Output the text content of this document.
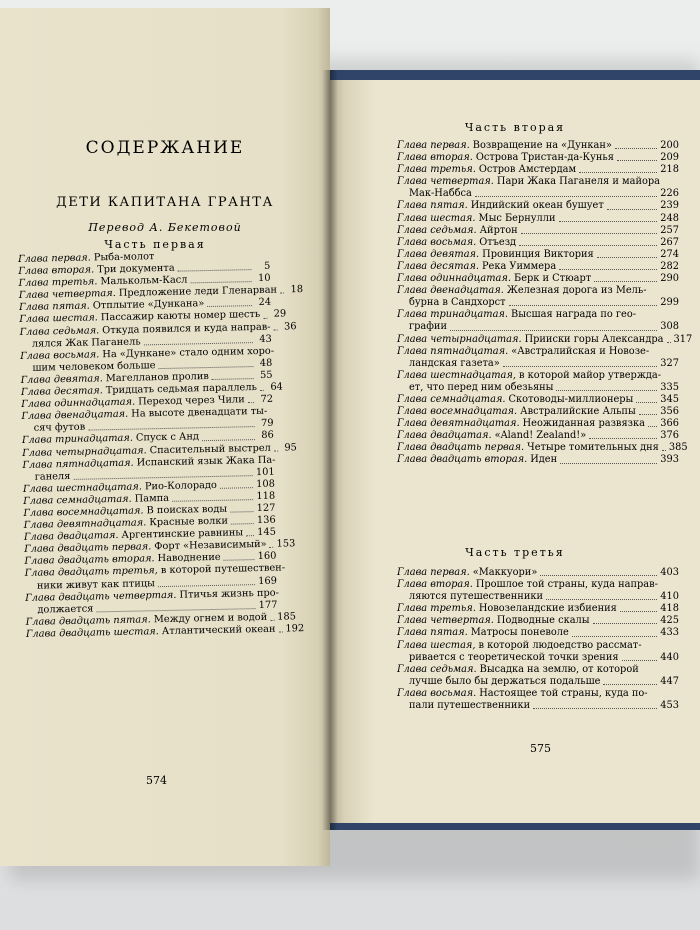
СОДЕРЖАНИЕ
ДЕТИ КАПИТАНА ГРАНТА
Перевод А. Бекетовой
Часть первая
Глава первая. Рыба-молот
Глава вторая. Три документа	5
Глава третья. Малькольм-Касл	10
Глава четвертая. Предложение леди Гленарван	18
Глава пятая. Отплытие «Дункана»	24
Глава шестая. Пассажир каюты номер шесть	29
Глава седьмая. Откуда появился и куда направ-	36
лялся Жак Паганель	43
Глава восьмая. На «Дункане» стало одним хоро-
шим человеком больше	48
Глава девятая. Магелланов пролив	55
Глава десятая. Тридцать седьмая параллель	64
Глава одиннадцатая. Переход через Чили	72
Глава двенадцатая. На высоте двенадцати ты-
сяч футов	79
Глава тринадцатая. Спуск с Анд	86
Глава четырнадцатая. Спасительный выстрел	95
Глава пятнадцатая. Испанский язык Жака Па-
ганеля	101
Глава шестнадцатая. Рио-Колорадо	108
Глава семнадцатая. Пампа	118
Глава восемнадцатая. В поисках воды	127
Глава девятнадцатая. Красные волки	136
Глава двадцатая. Аргентинские равнины 145
Глава двадцать первая. Форт «Независимый» 153
Глава двадцать вторая. Наводнение	160
Глава двадцать третья, в которой путешествен-
ники живут как птицы	169
Глава двадцать четвертая. Птичья жизнь про-
должается	177
Глава двадцать пятая. Между огнем и водой 185
Глава двадцать шестая. Атлантический океан 192
574
Часть вторая
Глава первая. Возвращение на «Дункан»	200
Глава вторая. Острова Тристан-да-Кунья	209
Глава третья. Остров Амстердам	218
Глава четвертая. Пари Жака Паганеля и майора
Мак-Наббса	226
Глава пятая. Индийский океан бушует	239
Глава шестая. Мыс Бернулли	248
Глава седьмая. Айртон	257
Глава восьмая. Отъезд	267
Глава девятая. Провинция Виктория	274
Глава десятая. Река Уиммера	282
Глава одиннадцатая. Берк и Стюарт	290
Глава двенадцатая. Железная дорога из Мель-
бурна в Сандхорст	299
Глава тринадцатая. Высшая награда по гео-
графии	308
Глава четырнадцатая. Прииски горы Александра 317
Глава пятнадцатая. «Австралийская и Новозе-
ландская газета»	327
Глава шестнадцатая, в которой майор утвержда-
ет, что перед ним обезьяны	335
Глава семнадцатая. Скотоводы-миллионеры	345
Глава восемнадцатая. Австралийские Альпы	356
Глава девятнадцатая. Неожиданная развязка 366
Глава двадцатая. «Aland! Zealand!»	376
Глава двадцать первая. Четыре томительных дня 385
Глава двадцать вторая. Иден	393
Часть третья
Глава первая. «Маккуори»	403
Глава вторая. Прошлое той страны, куда направ-
ляются путешественники	410
Глава третья. Новозеландские избиения	418
Глава четвертая. Подводные скалы	425
Глава пятая. Матросы поневоле	433
Глава шестая, в которой людоедство рассмат-
ривается с теоретической точки зрения	440
Глава седьмая. Высадка на землю, от которой
лучше было бы держаться подальше	447
Глава восьмая. Настоящее той страны, куда по-
пали путешественники	453
575
